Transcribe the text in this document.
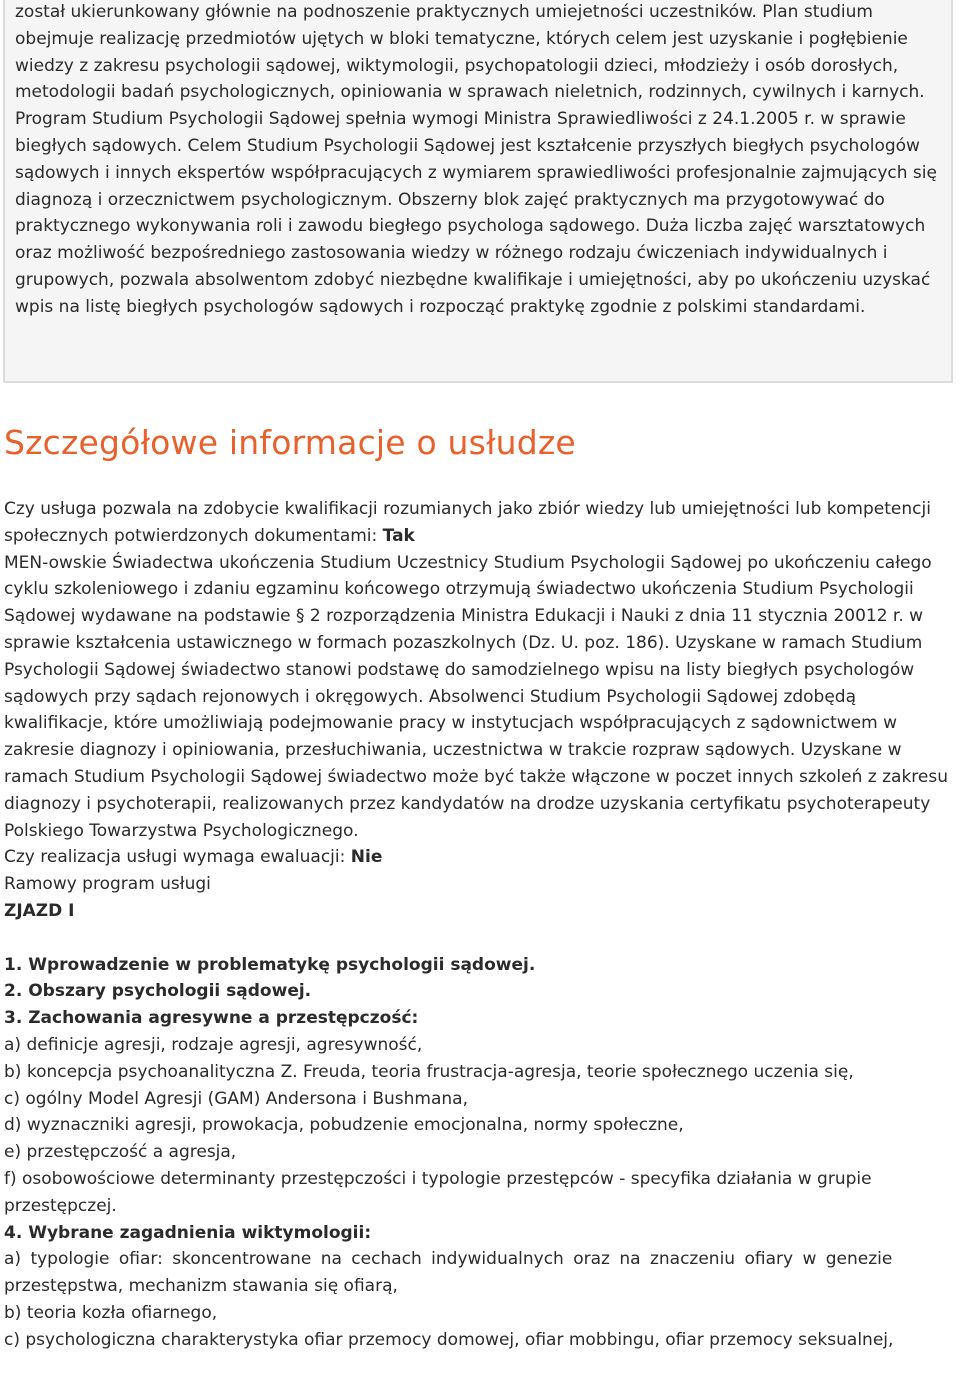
został ukierunkowany głównie na podnoszenie praktycznych umiejetności uczestników. Plan studium obejmuje realizację przedmiotów ujętych w bloki tematyczne, których celem jest uzyskanie i pogłębienie wiedzy z zakresu psychologii sądowej, wiktymologii, psychopatologii dzieci, młodzieży i osób dorosłych, metodologii badań psychologicznych, opiniowania w sprawach nieletnich, rodzinnych, cywilnych i karnych. Program Studium Psychologii Sądowej spełnia wymogi Ministra Sprawiedliwości z 24.1.2005 r. w sprawie biegłych sądowych. Celem Studium Psychologii Sądowej jest kształcenie przyszłych biegłych psychologów sądowych i innych ekspertów współpracujących z wymiarem sprawiedliwości profesjonalnie zajmujących się diagnozą i orzecznictwem psychologicznym. Obszerny blok zajęć praktycznych ma przygotowywać do praktycznego wykonywania roli i zawodu biegłego psychologa sądowego. Duża liczba zajęć warsztatowych oraz możliwość bezpośredniego zastosowania wiedzy w różnego rodzaju ćwiczeniach indywidualnych i grupowych, pozwala absolwentom zdobyć niezbędne kwalifikaje i umiejętności, aby po ukończeniu uzyskać wpis na listę biegłych psychologów sądowych i rozpocząć praktykę zgodnie z polskimi standardami.

Szczegółowe informacje o usłudze

Czy usługa pozwala na zdobycie kwalifikacji rozumianych jako zbiór wiedzy lub umiejętności lub kompetencji społecznych potwierdzonych dokumentami: Tak

MEN-owskie Świadectwa ukończenia Studium Uczestnicy Studium Psychologii Sądowej po ukończeniu całego cyklu szkoleniowego i zdaniu egzaminu końcowego otrzymują świadectwo ukończenia Studium Psychologii Sądowej wydawane na podstawie § 2 rozporządzenia Ministra Edukacji i Nauki z dnia 11 stycznia 20012 r. w sprawie kształcenia ustawicznego w formach pozaszkolnych (Dz. U. poz. 186). Uzyskane w ramach Studium Psychologii Sądowej świadectwo stanowi podstawę do samodzielnego wpisu na listy biegłych psychologów sądowych przy sądach rejonowych i okręgowych. Absolwenci Studium Psychologii Sądowej zdobędą kwalifikacje, które umożliwiają podejmowanie pracy w instytucjach współpracujących z sądownictwem w zakresie diagnozy i opiniowania, przesłuchiwania, uczestnictwa w trakcie rozpraw sądowych. Uzyskane w ramach Studium Psychologii Sądowej świadectwo może być także włączone w poczet innych szkoleń z zakresu diagnozy i psychoterapii, realizowanych przez kandydatów na drodze uzyskania certyfikatu psychoterapeuty Polskiego Towarzystwa Psychologicznego.

Czy realizacja usługi wymaga ewaluacji: Nie

Ramowy program usługi

ZJAZD I

1. Wprowadzenie w problematykę psychologii sądowej.

2. Obszary psychologii sądowej.

3. Zachowania agresywne a przestępczość:

a) definicje agresji, rodzaje agresji, agresywność,

b) koncepcja psychoanalityczna Z. Freuda, teoria frustracja-agresja, teorie społecznego uczenia się,

c) ogólny Model Agresji (GAM) Andersona i Bushmana,

d) wyznaczniki agresji, prowokacja, pobudzenie emocjonalna, normy społeczne,

e) przestępczość a agresja,

f) osobowościowe determinanty przestępczości i typologie przestępców - specyfika działania w grupie

przestępczej.

4. Wybrane zagadnienia wiktymologii:

a) typologie ofiar: skoncentrowane na cechach indywidualnych oraz na znaczeniu ofiary w genezie

przestępstwa, mechanizm stawania się ofiarą,

b) teoria kozła ofiarnego,

c) psychologiczna charakterystyka ofiar przemocy domowej, ofiar mobbingu, ofiar przemocy seksualnej,
